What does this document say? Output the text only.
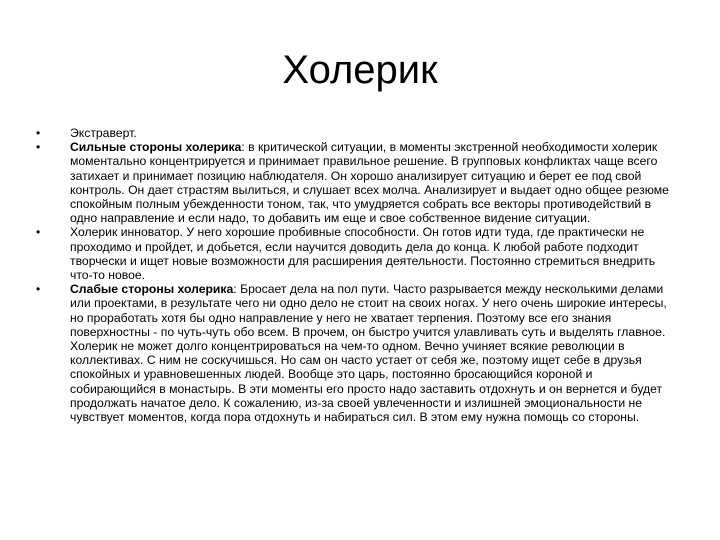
Холерик
• Экстраверт.
• Сильные стороны холерика: в критической ситуации, в моменты экстренной необходимости холерик моментально концентрируется и принимает правильное решение. В групповых конфликтах чаще всего затихает и принимает позицию наблюдателя. Он хорошо анализирует ситуацию и берет ее под свой контроль. Он дает страстям вылиться, и слушает всех молча. Анализирует и выдает одно общее резюме спокойным полным убежденности тоном, так, что умудряется собрать все векторы противодействий в одно направление и если надо, то добавить им еще и свое собственное видение ситуации.
• Холерик инноватор. У него хорошие пробивные способности. Он готов идти туда, где практически не проходимо и пройдет, и добьется, если научится доводить дела до конца. К любой работе подходит творчески и ищет новые возможности для расширения деятельности. Постоянно стремиться внедрить что-то новое.
• Слабые стороны холерика: Бросает дела на пол пути. Часто разрывается между несколькими делами или проектами, в результате чего ни одно дело не стоит на своих ногах. У него очень широкие интересы, но проработать хотя бы одно направление у него не хватает терпения. Поэтому все его знания поверхностны - по чуть-чуть обо всем. В прочем, он быстро учится улавливать суть и выделять главное. Холерик не может долго концентрироваться на чем-то одном. Вечно учиняет всякие революции в коллективах. С ним не соскучишься. Но сам он часто устает от себя же, поэтому ищет себе в друзья спокойных и уравновешенных людей. Вообще это царь, постоянно бросающийся короной и собирающийся в монастырь. В эти моменты его просто надо заставить отдохнуть и он вернется и будет продолжать начатое дело. К сожалению, из-за своей увлеченности и излишней эмоциональности не чувствует моментов, когда пора отдохнуть и набираться сил. В этом ему нужна помощь со стороны.
